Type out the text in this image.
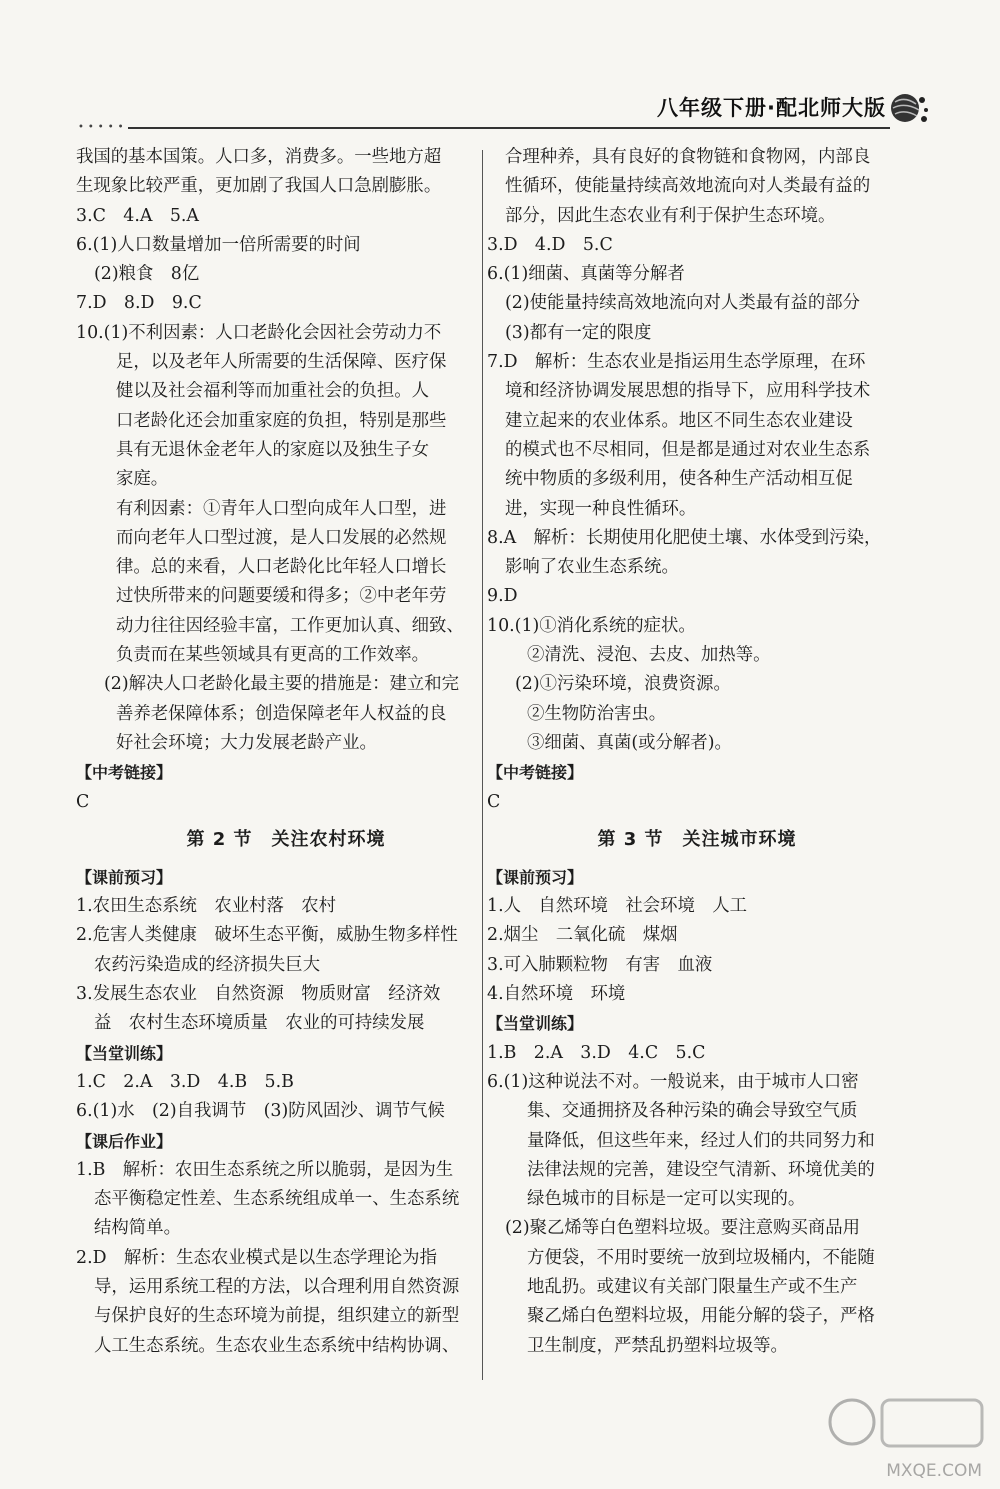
•••••
八年级下册·配北师大版
我国的基本国策。人口多，消费多。一些地方超
生现象比较严重，更加剧了我国人口急剧膨胀。
3.C　4.A　5.A
6.(1)人口数量增加一倍所需要的时间
(2)粮食　8亿
7.D　8.D　9.C
10.(1)不利因素：人口老龄化会因社会劳动力不
足，以及老年人所需要的生活保障、医疗保
健以及社会福利等而加重社会的负担。人
口老龄化还会加重家庭的负担，特别是那些
具有无退休金老年人的家庭以及独生子女
家庭。
有利因素：①青年人口型向成年人口型，进
而向老年人口型过渡，是人口发展的必然规
律。总的来看，人口老龄化比年轻人口增长
过快所带来的问题要缓和得多；②中老年劳
动力往往因经验丰富，工作更加认真、细致、
负责而在某些领域具有更高的工作效率。
(2)解决人口老龄化最主要的措施是：建立和完
善养老保障体系；创造保障老年人权益的良
好社会环境；大力发展老龄产业。
【中考链接】
C
第 2 节　关注农村环境
【课前预习】
1.农田生态系统　农业村落　农村
2.危害人类健康　破坏生态平衡，威胁生物多样性
农药污染造成的经济损失巨大
3.发展生态农业　自然资源　物质财富　经济效
益　农村生态环境质量　农业的可持续发展
【当堂训练】
1.C　2.A　3.D　4.B　5.B
6.(1)水　(2)自我调节　(3)防风固沙、调节气候
【课后作业】
1.B　解析：农田生态系统之所以脆弱，是因为生
态平衡稳定性差、生态系统组成单一、生态系统
结构简单。
2.D　解析：生态农业模式是以生态学理论为指
导，运用系统工程的方法，以合理利用自然资源
与保护良好的生态环境为前提，组织建立的新型
人工生态系统。生态农业生态系统中结构协调、
合理种养，具有良好的食物链和食物网，内部良
性循环，使能量持续高效地流向对人类最有益的
部分，因此生态农业有利于保护生态环境。
3.D　4.D　5.C
6.(1)细菌、真菌等分解者
(2)使能量持续高效地流向对人类最有益的部分
(3)都有一定的限度
7.D　解析：生态农业是指运用生态学原理，在环
境和经济协调发展思想的指导下，应用科学技术
建立起来的农业体系。地区不同生态农业建设
的模式也不尽相同，但是都是通过对农业生态系
统中物质的多级利用，使各种生产活动相互促
进，实现一种良性循环。
8.A　解析：长期使用化肥使土壤、水体受到污染，
影响了农业生态系统。
9.D
10.(1)①消化系统的症状。
②清洗、浸泡、去皮、加热等。
(2)①污染环境，浪费资源。
②生物防治害虫。
③细菌、真菌(或分解者)。
【中考链接】
C
第 3 节　关注城市环境
【课前预习】
1.人　自然环境　社会环境　人工
2.烟尘　二氧化硫　煤烟
3.可入肺颗粒物　有害　血液
4.自然环境　环境
【当堂训练】
1.B　2.A　3.D　4.C　5.C
6.(1)这种说法不对。一般说来，由于城市人口密
集、交通拥挤及各种污染的确会导致空气质
量降低，但这些年来，经过人们的共同努力和
法律法规的完善，建设空气清新、环境优美的
绿色城市的目标是一定可以实现的。
(2)聚乙烯等白色塑料垃圾。要注意购买商品用
方便袋，不用时要统一放到垃圾桶内，不能随
地乱扔。或建议有关部门限量生产或不生产
聚乙烯白色塑料垃圾，用能分解的袋子，严格
卫生制度，严禁乱扔塑料垃圾等。
MXQE.COM
